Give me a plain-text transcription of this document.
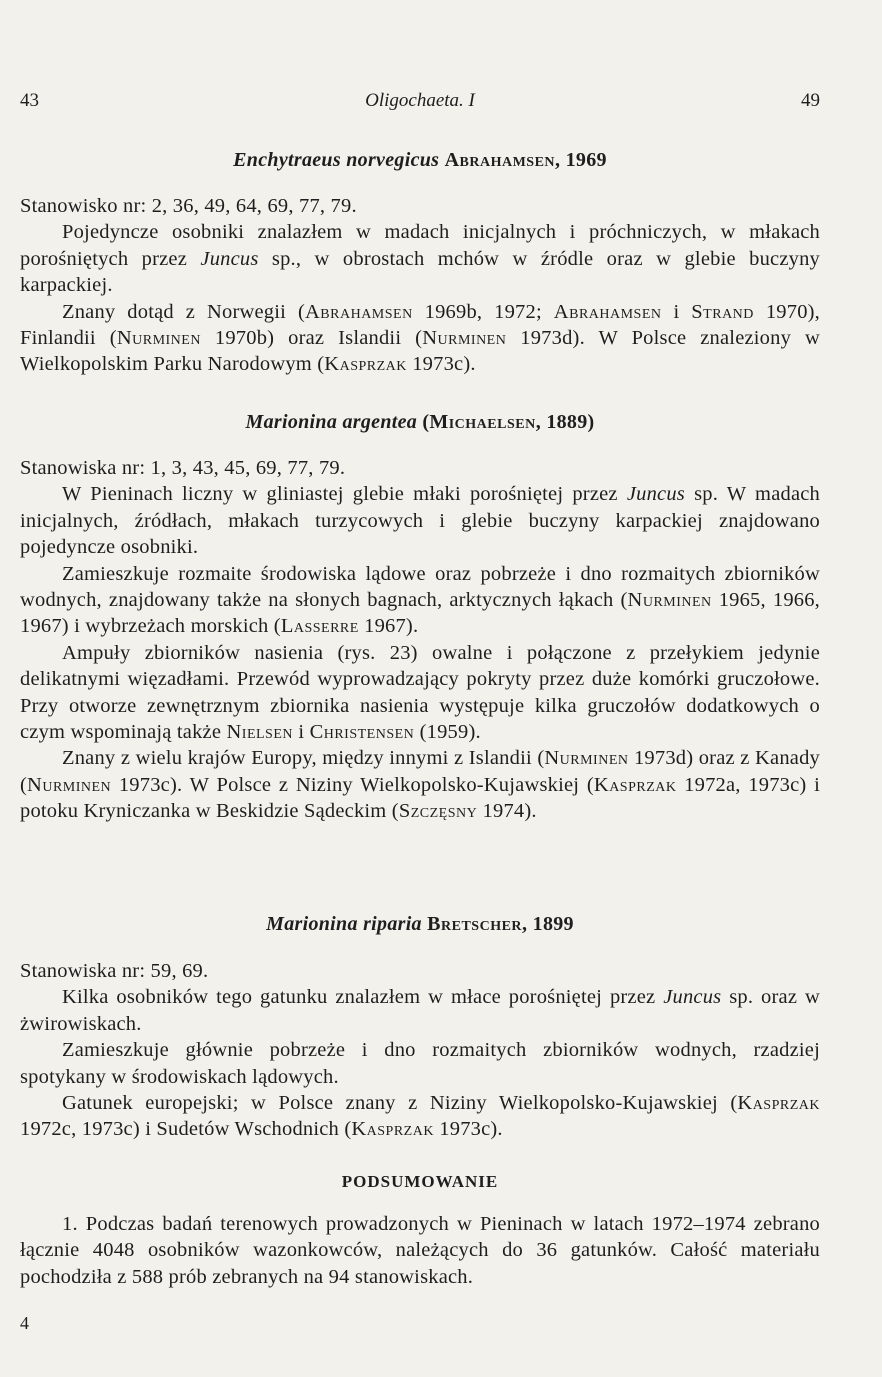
43	Oligochaeta. I	49
Enchytraeus norvegicus Abrahamsen, 1969

Stanowisko nr: 2, 36, 49, 64, 69, 77, 79.

Pojedyncze osobniki znalazłem w madach inicjalnych i próchniczych, w młakach porośniętych przez Juncus sp., w obrostach mchów w źródle oraz w glebie buczyny karpackiej.

Znany dotąd z Norwegii (Abrahamsen 1969b, 1972; Abrahamsen i Strand 1970), Finlandii (Nurminen 1970b) oraz Islandii (Nurminen 1973d). W Polsce znaleziony w Wielkopolskim Parku Narodowym (Kasprzak 1973c).

Marionina argentea (Michaelsen, 1889)

Stanowiska nr: 1, 3, 43, 45, 69, 77, 79.

W Pieninach liczny w gliniastej glebie młaki porośniętej przez Juncus sp. W madach inicjalnych, źródłach, młakach turzycowych i glebie buczyny karpackiej znajdowano pojedyncze osobniki.

Zamieszkuje rozmaite środowiska lądowe oraz pobrzeże i dno rozmaitych zbiorników wodnych, znajdowany także na słonych bagnach, arktycznych łąkach (Nurminen 1965, 1966, 1967) i wybrzeżach morskich (Lasserre 1967).

Ampuły zbiorników nasienia (rys. 23) owalne i połączone z przełykiem jedynie delikatnymi więzadłami. Przewód wyprowadzający pokryty przez duże komórki gruczołowe. Przy otworze zewnętrznym zbiornika nasienia występuje kilka gruczołów dodatkowych o czym wspominają także Nielsen i Christensen (1959).

Znany z wielu krajów Europy, między innymi z Islandii (Nurminen 1973d) oraz z Kanady (Nurminen 1973c). W Polsce z Niziny Wielkopolsko-Kujawskiej (Kasprzak 1972a, 1973c) i potoku Kryniczanka w Beskidzie Sądeckim (Szczęsny 1974).

Marionina riparia Bretscher, 1899

Stanowiska nr: 59, 69.

Kilka osobników tego gatunku znalazłem w młace porośniętej przez Juncus sp. oraz w żwirowiskach.

Zamieszkuje głównie pobrzeże i dno rozmaitych zbiorników wodnych, rzadziej spotykany w środowiskach lądowych.

Gatunek europejski; w Polsce znany z Niziny Wielkopolsko-Kujawskiej (Kasprzak 1972c, 1973c) i Sudetów Wschodnich (Kasprzak 1973c).

PODSUMOWANIE

1. Podczas badań terenowych prowadzonych w Pieninach w latach 1972–1974 zebrano łącznie 4048 osobników wazonkowców, należących do 36 gatunków. Całość materiału pochodziła z 588 prób zebranych na 94 stanowiskach.

4
